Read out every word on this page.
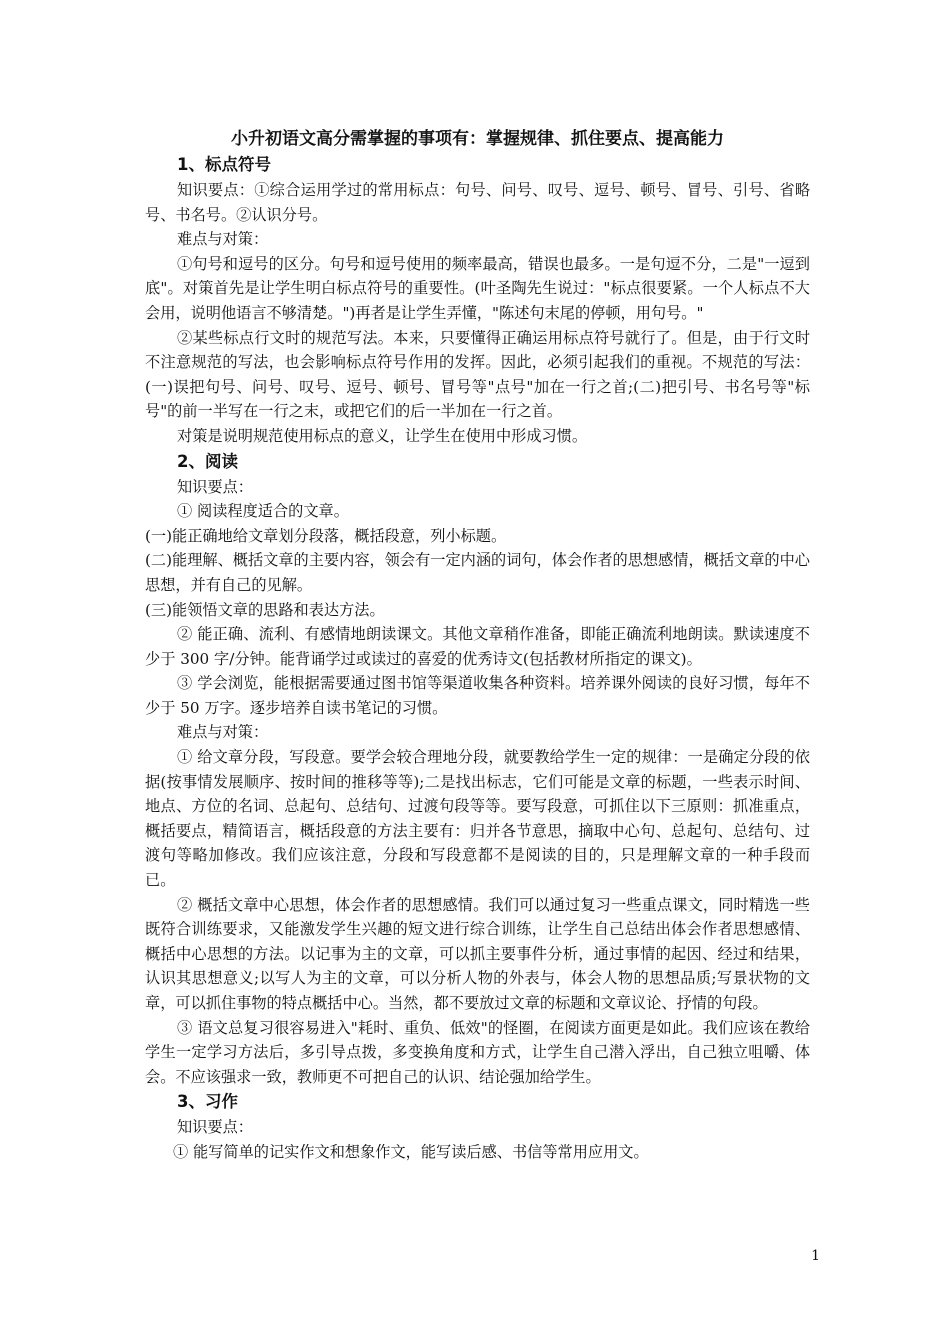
小升初语文高分需掌握的事项有：掌握规律、抓住要点、提高能力

1、标点符号

知识要点：①综合运用学过的常用标点：句号、问号、叹号、逗号、顿号、冒号、引号、省略号、书名号。②认识分号。

难点与对策：

①句号和逗号的区分。句号和逗号使用的频率最高，错误也最多。一是句逗不分，二是"一逗到底"。对策首先是让学生明白标点符号的重要性。(叶圣陶先生说过："标点很要紧。一个人标点不大会用，说明他语言不够清楚。")再者是让学生弄懂，"陈述句末尾的停顿，用句号。"

②某些标点行文时的规范写法。本来，只要懂得正确运用标点符号就行了。但是，由于行文时不注意规范的写法，也会影响标点符号作用的发挥。因此，必须引起我们的重视。不规范的写法：(一)误把句号、问号、叹号、逗号、顿号、冒号等"点号"加在一行之首;(二)把引号、书名号等"标号"的前一半写在一行之末，或把它们的后一半加在一行之首。

对策是说明规范使用标点的意义，让学生在使用中形成习惯。

2、阅读

知识要点：

① 阅读程度适合的文章。

(一)能正确地给文章划分段落，概括段意，列小标题。

(二)能理解、概括文章的主要内容，领会有一定内涵的词句，体会作者的思想感情，概括文章的中心思想，并有自己的见解。

(三)能领悟文章的思路和表达方法。

② 能正确、流利、有感情地朗读课文。其他文章稍作准备，即能正确流利地朗读。默读速度不少于 300 字/分钟。能背诵学过或读过的喜爱的优秀诗文(包括教材所指定的课文)。

③ 学会浏览，能根据需要通过图书馆等渠道收集各种资料。培养课外阅读的良好习惯，每年不少于 50 万字。逐步培养自读书笔记的习惯。

难点与对策：

① 给文章分段，写段意。要学会较合理地分段，就要教给学生一定的规律：一是确定分段的依据(按事情发展顺序、按时间的推移等等);二是找出标志，它们可能是文章的标题，一些表示时间、地点、方位的名词、总起句、总结句、过渡句段等等。要写段意，可抓住以下三原则：抓准重点，概括要点，精简语言，概括段意的方法主要有：归并各节意思，摘取中心句、总起句、总结句、过渡句等略加修改。我们应该注意，分段和写段意都不是阅读的目的，只是理解文章的一种手段而已。

② 概括文章中心思想，体会作者的思想感情。我们可以通过复习一些重点课文，同时精选一些既符合训练要求，又能激发学生兴趣的短文进行综合训练，让学生自己总结出体会作者思想感情、概括中心思想的方法。以记事为主的文章，可以抓主要事件分析，通过事情的起因、经过和结果，认识其思想意义;以写人为主的文章，可以分析人物的外表与，体会人物的思想品质;写景状物的文章，可以抓住事物的特点概括中心。当然，都不要放过文章的标题和文章议论、抒情的句段。

③ 语文总复习很容易进入"耗时、重负、低效"的怪圈，在阅读方面更是如此。我们应该在教给学生一定学习方法后，多引导点拨，多变换角度和方式，让学生自己潜入浮出，自己独立咀嚼、体会。不应该强求一致，教师更不可把自己的认识、结论强加给学生。

3、习作

知识要点：

① 能写简单的记实作文和想象作文，能写读后感、书信等常用应用文。

1
